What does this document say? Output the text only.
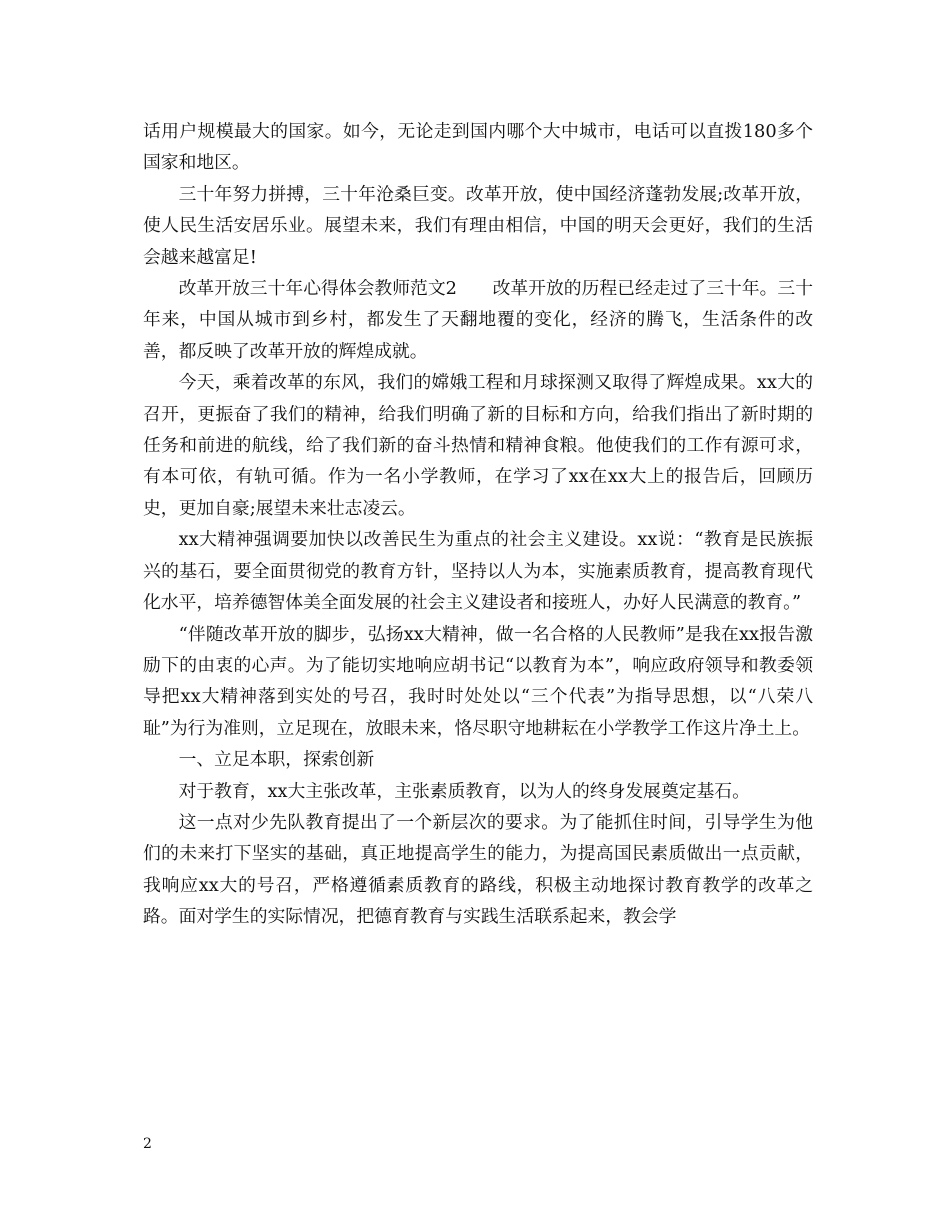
话用户规模最大的国家。如今，无论走到国内哪个大中城市，电话可以直拨180多个国家和地区。

三十年努力拼搏，三十年沧桑巨变。改革开放，使中国经济蓬勃发展;改革开放，使人民生活安居乐业。展望未来，我们有理由相信，中国的明天会更好，我们的生活会越来越富足!

改革开放三十年心得体会教师范文2　　改革开放的历程已经走过了三十年。三十年来，中国从城市到乡村，都发生了天翻地覆的变化，经济的腾飞，生活条件的改善，都反映了改革开放的辉煌成就。

今天，乘着改革的东风，我们的嫦娥工程和月球探测又取得了辉煌成果。xx大的召开，更振奋了我们的精神，给我们明确了新的目标和方向，给我们指出了新时期的任务和前进的航线，给了我们新的奋斗热情和精神食粮。他使我们的工作有源可求，有本可依，有轨可循。作为一名小学教师，在学习了xx在xx大上的报告后，回顾历史，更加自豪;展望未来壮志凌云。

xx大精神强调要加快以改善民生为重点的社会主义建设。xx说：“教育是民族振兴的基石，要全面贯彻党的教育方针，坚持以人为本，实施素质教育，提高教育现代化水平，培养德智体美全面发展的社会主义建设者和接班人，办好人民满意的教育。”

“伴随改革开放的脚步，弘扬xx大精神，做一名合格的人民教师”是我在xx报告激励下的由衷的心声。为了能切实地响应胡书记“以教育为本”，响应政府领导和教委领导把xx大精神落到实处的号召，我时时处处以“三个代表”为指导思想，以“八荣八耻”为行为准则，立足现在，放眼未来，恪尽职守地耕耘在小学教学工作这片净土上。

一、立足本职，探索创新

对于教育，xx大主张改革，主张素质教育，以为人的终身发展奠定基石。

这一点对少先队教育提出了一个新层次的要求。为了能抓住时间，引导学生为他们的未来打下坚实的基础，真正地提高学生的能力，为提高国民素质做出一点贡献，我响应xx大的号召，严格遵循素质教育的路线，积极主动地探讨教育教学的改革之路。面对学生的实际情况，把德育教育与实践生活联系起来，教会学

2
